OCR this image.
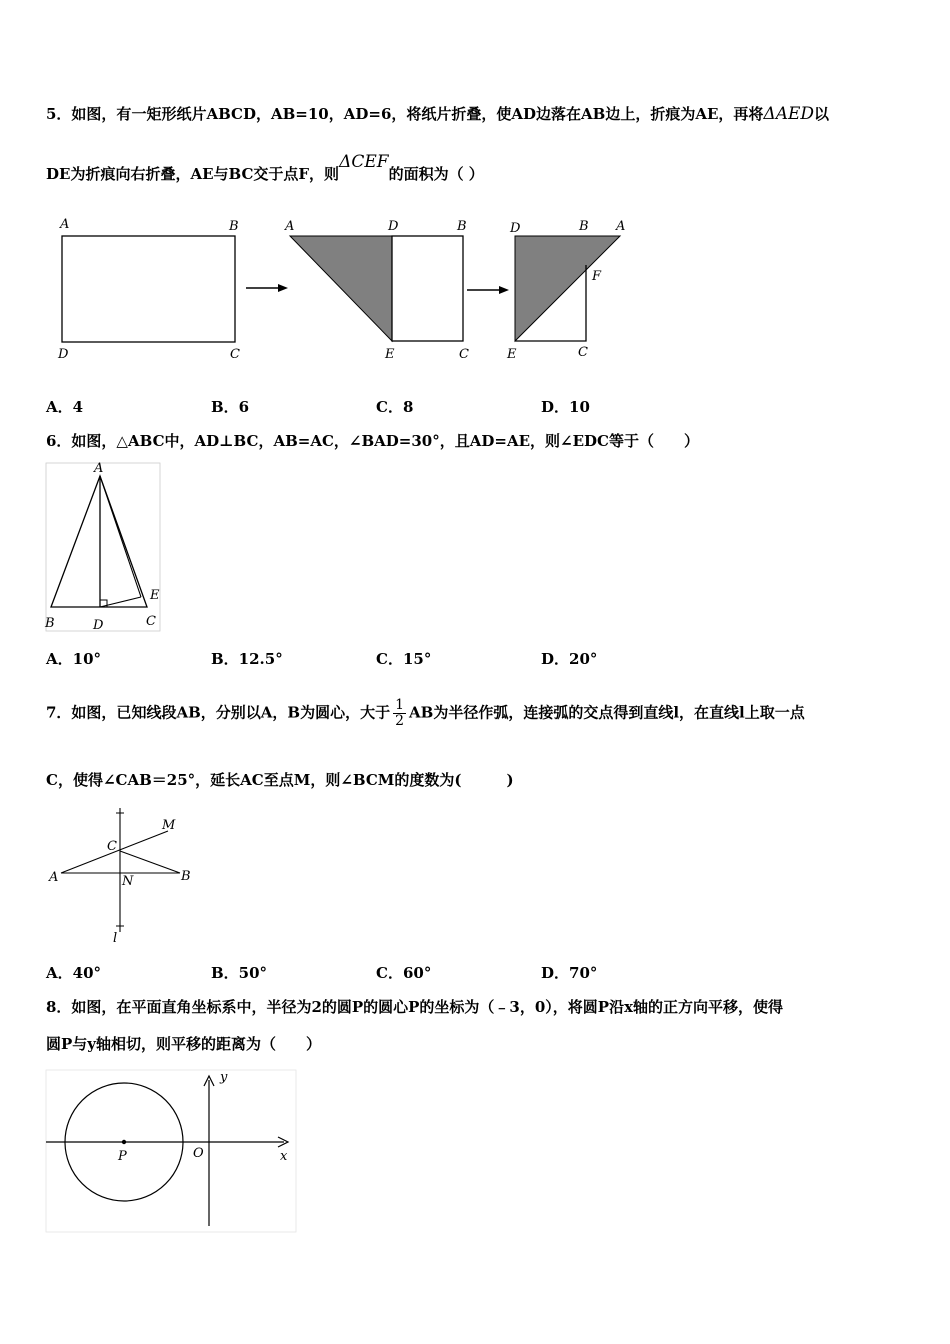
5．如图，有一矩形纸片ABCD，AB=10，AD=6，将纸片折叠，使AD边落在AB边上，折痕为AE，再将ΔAED以
DE为折痕向右折叠，AE与BC交于点F，则ΔCEF的面积为（ ）
A	B
D	C
A	D	B
E	C
D	B A
F
E	C
A．4	B．6	C．8	D．10
6．如图，△ABC中，AD⊥BC，AB=AC，∠BAD=30°，且AD=AE，则∠EDC等于（　　）
A
B	D	C
E
A．10°	B．12.5°	C．15°	D．20°
7．如图，已知线段AB，分别以A，B为圆心，大于 $\frac{1}{2}$ AB为半径作弧，连接弧的交点得到直线l，在直线l上取一点
C，使得∠CAB＝25°，延长AC至点M，则∠BCM的度数为(　　　)
M
C
A	N	B
l
A．40°	B．50°	C．60°	D．70°
8．如图，在平面直角坐标系中，半径为2的圆P的圆心P的坐标为（﹣3，0），将圆P沿x轴的正方向平移，使得
圆P与y轴相切，则平移的距离为（　　）
y
P	O	x
